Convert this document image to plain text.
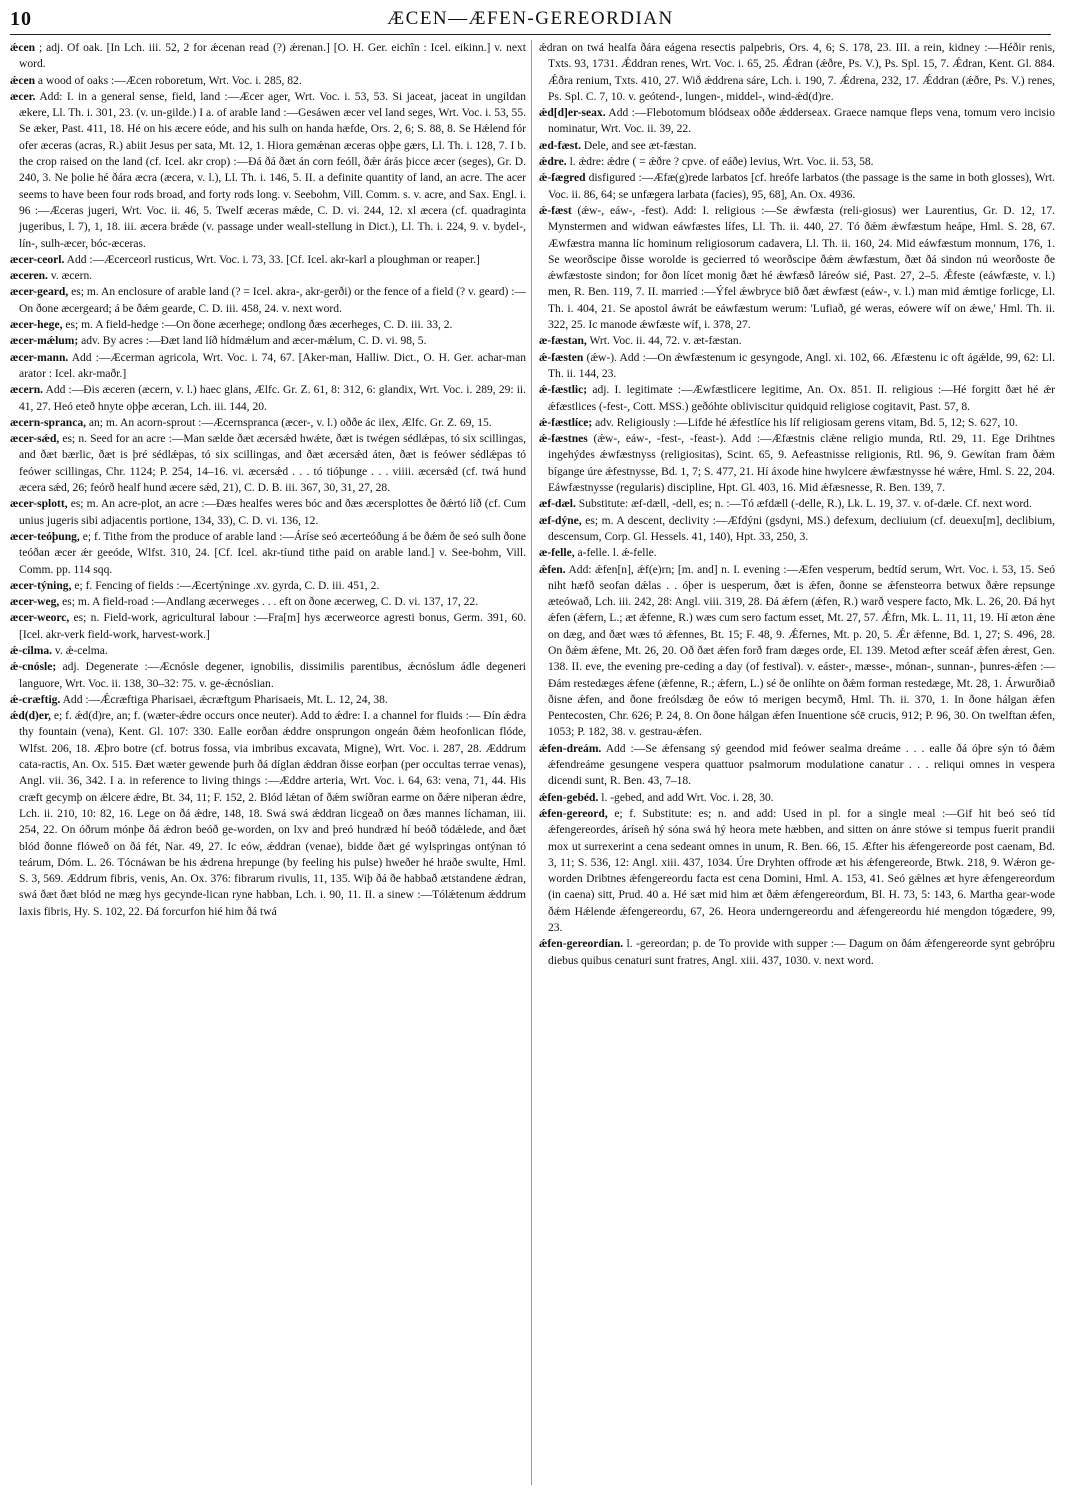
10	ÆCEN—ÆFEN-GEREORDIAN

ǽcen ; adj. Of oak. [In Lch. iii. 52, 2 for ǽcenan read (?) ǽrenan.] [O. H. Ger. eichîn : Icel. eikinn.] v. next word.

ǽcen a wood of oaks :—Æcen roboretum, Wrt. Voc. i. 285, 82.

æcer. Add: I. in a general sense, field, land :—Æcer ager, Wrt. Voc. i. 53, 53. Si jaceat, jaceat in ungildan ækere, Ll. Th. i. 301, 23. (v. un-gilde.) I a. of arable land :—Gesáwen æcer vel land seges, Wrt. Voc. i. 53, 55. Se æker, Past. 411, 18. Hé on his æcere eóde, and his sulh on handa hæfde, Ors. 2, 6; S. 88, 8. Se Hǽlend fór ofer æceras (acras, R.) abiit Jesus per sata, Mt. 12, 1. Hiora gemǽnan æceras oþþe gærs, Ll. Th. i. 128, 7. I b. the crop raised on the land (cf. Icel. akr crop) :—Ðá ðá ðæt án corn feóll, ðǽr árás þicce æcer (seges), Gr. D. 240, 3. Ne þolie hé ðára æcra (æcera, v. l.), Ll. Th. i. 146, 5. II. a definite quantity of land, an acre. The acer seems to have been four rods broad, and forty rods long. v. Seebohm, Vill. Comm. s. v. acre, and Sax. Engl. i. 96 :—Æceras jugeri, Wrt. Voc. ii. 46, 5. Twelf æceras mǽde, C. D. vi. 244, 12. xl æcera (cf. quadraginta jugeribus, l. 7), 1, 18. iii. æcera brǽde (v. passage under weall-stellung in Dict.), Ll. Th. i. 224, 9. v. bydel-, lín-, sulh-æcer, bóc-æceras.

æcer-ceorl. Add :—Æcerceorl rusticus, Wrt. Voc. i. 73, 33. [Cf. Icel. akr-karl a ploughman or reaper.]

æceren. v. æcern.

æcer-geard, es; m. An enclosure of arable land (? = Icel. akra-, akr-gerði) or the fence of a field (? v. geard) :—On ðone æcergeard; á be ðǽm gearde, C. D. iii. 458, 24. v. next word.

æcer-hege, es; m. A field-hedge :—On ðone æcerhege; ondlong ðæs æcerheges, C. D. iii. 33, 2.

æcer-mǽlum; adv. By acres :—Ðæt land líð hídmǽlum and æcer-mǽlum, C. D. vi. 98, 5.

æcer-mann. Add :—Æcerman agricola, Wrt. Voc. i. 74, 67. [Aker-man, Halliw. Dict., O. H. Ger. achar-man arator : Icel. akr-maðr.]

æcern. Add :—Ðis æceren (æcern, v. l.) haec glans, Ælfc. Gr. Z. 61, 8: 312, 6: glandix, Wrt. Voc. i. 289, 29: ii. 41, 27. Heó eteð hnyte oþþe æceran, Lch. iii. 144, 20.

æcern-spranca, an; m. An acorn-sprout :—Æcernspranca (æcer-, v. l.) oððe ác ilex, Ælfc. Gr. Z. 69, 15.

æcer-sǽd, es; n. Seed for an acre :—Man sælde ðæt æcersǽd hwǽte, ðæt is twégen sédlǽpas, tó six scillingas, and ðæt bærlic, ðæt is þré sédlǽpas, tó six scillingas, and ðæt æcersǽd áten, ðæt is feówer sédlǽpas tó feówer scillingas, Chr. 1124; P. 254, 14–16. vi. æcersǽd . . . tó tióþunge . . . viiii. æcersǽd (cf. twá hund æcera sǽd, 26; feórð healf hund æcere sǽd, 21), C. D. B. iii. 367, 30, 31, 27, 28.

æcer-splott, es; m. An acre-plot, an acre :—Ðæs healfes weres bóc and ðæs æcersplottes ðe ðǽrtó líð (cf. Cum unius jugeris sibi adjacentis portione, 134, 33), C. D. vi. 136, 12.

æcer-teóþung, e; f. Tithe from the produce of arable land :—Áríse seó æcerteóðung á be ðǽm ðe seó sulh ðone teóðan æcer ǽr geeóde, Wlfst. 310, 24. [Cf. Icel. akr-tíund tithe paid on arable land.] v. See-bohm, Vill. Comm. pp. 114 sqq.

æcer-týning, e; f. Fencing of fields :—Æcertýninge .xv. gyrda, C. D. iii. 451, 2.

æcer-weg, es; m. A field-road :—Andlang æcerweges . . . eft on ðone æcerweg, C. D. vi. 137, 17, 22.

æcer-weorc, es; n. Field-work, agricultural labour :—Fra[m] hys æcerweorce agresti bonus, Germ. 391, 60. [Icel. akr-verk field-work, harvest-work.]

ǽ-cilma. v. ǽ-celma.

ǽ-cnósle; adj. Degenerate :—Æcnósle degener, ignobilis, dissimilis parentibus, ǽcnóslum ádle degeneri languore, Wrt. Voc. ii. 138, 30–32: 75. v. ge-ǽcnóslian.

ǽ-cræftig. Add :—Ǽcræftiga Pharisaei, ǽcræftgum Pharisaeis, Mt. L. 12, 24, 38.

ǽd(d)er, e; f. ǽd(d)re, an; f. (wæter-ǽdre occurs once neuter). Add to ǽdre: I. a channel for fluids :— Ðín ǽdra thy fountain (vena), Kent. Gl. 107: 330. Ealle eorðan ǽddre onsprungon ongeán ðǽm heofonlican flóde, Wlfst. 206, 18. Æþro botre (cf. botrus fossa, via imbribus excavata, Migne), Wrt. Voc. i. 287, 28. Æddrum cata-ractis, An. Ox. 515. Ðæt wæter gewende þurh ðá díglan ǽddran ðisse eorþan (per occultas terrae venas), Angl. vii. 36, 342. I a. in reference to living things :—Æddre arteria, Wrt. Voc. i. 64, 63: vena, 71, 44. His cræft gecymþ on ǽlcere ǽdre, Bt. 34, 11; F. 152, 2. Blód lǽtan of ðǽm swíðran earme on ðǽre niþeran ǽdre, Lch. ii. 210, 10: 82, 16. Lege on ðá ǽdre, 148, 18. Swá swá ǽddran licgeað on ðæs mannes líchaman, iii. 254, 22. On óðrum mónþe ðá ǽdron beóð ge-worden, on lxv and þreó hundræd hí beóð tódǽlede, and ðæt blód ðonne flóweð on ðá fét, Nar. 49, 27. Ic eów, ǽddran (venae), bidde ðæt gé wylspringas ontýnan tó teárum, Dóm. L. 26. Tócnáwan be his ǽdrena hrepunge (by feeling his pulse) hweðer hé hraðe swulte, Hml. S. 3, 569. Æddrum fibris, venis, An. Ox. 376: fibrarum rivulis, 11, 135. Wiþ ðá ðe habbað ætstandene ǽdran, swá ðæt ðæt blód ne mæg hys gecynde-lican ryne habban, Lch. i. 90, 11. II. a sinew :—Tólǽtenum ǽddrum laxis fibris, Hy. S. 102, 22. Ðá forcurfon hié him ðá twá

ǽdran on twá healfa ðára eágena resectis palpebris, Ors. 4, 6; S. 178, 23. III. a rein, kidney :—Héðir renis, Txts. 93, 1731. Ǽddran renes, Wrt. Voc. i. 65, 25. Ǽdran (ǽðre, Ps. V.), Ps. Spl. 15, 7. Ǽdran, Kent. Gl. 884. Ǽðra renium, Txts. 410, 27. Wið ǽddrena sáre, Lch. i. 190, 7. Ǽdrena, 232, 17. Ǽddran (ǽðre, Ps. V.) renes, Ps. Spl. C. 7, 10. v. geótend-, lungen-, middel-, wind-ǽd(d)re.

ǽd[d]er-seax. Add :—Flebotomum blódseax oððe ǽdderseax. Graece namque fleps vena, tomum vero incisio nominatur, Wrt. Voc. ii. 39, 22.

æd-fæst. Dele, and see æt-fæstan.

ǽdre. l. ǽdre: ǽdre ( = ǽðre ? cpve. of eáðe) levius, Wrt. Voc. ii. 53, 58.

ǽ-fægred disfigured :—Æfæ(g)rede larbatos [cf. hreófe larbatos (the passage is the same in both glosses), Wrt. Voc. ii. 86, 64; se unfægera larbata (facies), 95, 68], An. Ox. 4936.

ǽ-fæst (ǽw-, eáw-, -fest). Add: I. religious :—Se ǽwfæsta (reli-giosus) wer Laurentius, Gr. D. 12, 17. Mynstermen and widwan eáwfæstes lífes, Ll. Th. ii. 440, 27. Tó ðǽm ǽwfæstum heápe, Hml. S. 28, 67. Æwfæstra manna líc hominum religiosorum cadavera, Ll. Th. ii. 160, 24. Mid eáwfæstum monnum, 176, 1. Se weorðscipe ðisse worolde is gecierred tó weorðscipe ðǽm ǽwfæstum, ðæt ðá sindon nú weorðoste ðe ǽwfæstoste sindon; for ðon lícet monig ðæt hé ǽwfæsð láreów sié, Past. 27, 2–5. Ǽfeste (eáwfæste, v. l.) men, R. Ben. 119, 7. II. married :—Ýfel ǽwbryce bið ðæt ǽwfæst (eáw-, v. l.) man mid ǽmtige forlicge, Ll. Th. i. 404, 21. Se apostol áwrát be eáwfæstum werum: 'Lufiað, gé weras, eówere wíf on ǽwe,' Hml. Th. ii. 322, 25. Ic manode ǽwfæste wíf, i. 378, 27.

æ-fæstan, Wrt. Voc. ii. 44, 72. v. æt-fæstan.

ǽ-fæsten (ǽw-). Add :—On ǽwfæstenum ic gesyngode, Angl. xi. 102, 66. Æfæstenu ic oft ágǽlde, 99, 62: Ll. Th. ii. 144, 23.

ǽ-fæstlic; adj. I. legitimate :—Æwfæstlicere legitime, An. Ox. 851. II. religious :—Hé forgitt ðæt hé ǽr ǽfæstlices (-fest-, Cott. MSS.) geðóhte obliviscitur quidquid religiose cogitavit, Past. 57, 8.

ǽ-fæstlíce; adv. Religiously :—Lifde hé ǽfestlíce his líf religiosam gerens vitam, Bd. 5, 12; S. 627, 10.

ǽ-fæstnes (ǽw-, eáw-, -fest-, -feast-). Add :—Æfæstnis clǽne religio munda, Rtl. 29, 11. Ege Drihtnes ingehýdes ǽwfæstnyss (religiositas), Scint. 65, 9. Aefeastnisse religionis, Rtl. 96, 9. Gewítan fram ðǽm bígange úre ǽfestnysse, Bd. 1, 7; S. 477, 21. Hí áxode hine hwylcere ǽwfæstnysse hé wǽre, Hml. S. 22, 204. Eáwfæstnysse (regularis) discipline, Hpt. Gl. 403, 16. Mid ǽfæsnesse, R. Ben. 139, 7.

æf-dæl. Substitute: æf-dæll, -dell, es; n. :—Tó æfdæll (-delle, R.), Lk. L. 19, 37. v. of-dæle. Cf. next word.

æf-dýne, es; m. A descent, declivity :—Æfdýni (gsdyni, MS.) defexum, decliuium (cf. deuexu[m], declibium, descensum, Corp. Gl. Hessels. 41, 140), Hpt. 33, 250, 3.

æ-felle, a-felle. l. ǽ-felle.

ǽfen. Add: ǽfen[n], ǽf(e)rn; [m. and] n. I. evening :—Æfen vesperum, bedtíd serum, Wrt. Voc. i. 53, 15. Seó niht hæfð seofan dǽlas . . óþer is uesperum, ðæt is ǽfen, ðonne se ǽfensteorra betwux ðǽre repsunge æteówað, Lch. iii. 242, 28: Angl. viii. 319, 28. Ðá ǽfern (ǽfen, R.) warð vespere facto, Mk. L. 26, 20. Ðá hyt ǽfen (ǽfern, L.; æt ǽfenne, R.) wæs cum sero factum esset, Mt. 27, 57. Ǽfrn, Mk. L. 11, 11, 19. Hí æton ǽne on dæg, and ðæt wæs tó ǽfennes, Bt. 15; F. 48, 9. Ǽfernes, Mt. p. 20, 5. Ǽr ǽfenne, Bd. 1, 27; S. 496, 28. On ðǽm ǽfene, Mt. 26, 20. Oð ðæt ǽfen forð fram dæges orde, El. 139. Metod æfter sceáf ǽfen ǽrest, Gen. 138. II. eve, the evening pre-ceding a day (of festival). v. eáster-, mæsse-, mónan-, sunnan-, þunres-ǽfen :—Ðám restedæges ǽfene (ǽfenne, R.; ǽfern, L.) sé ðe onlíhte on ðǽm forman restedæge, Mt. 28, 1. Árwurðiað ðisne ǽfen, and ðone freólsdæg ðe eów tó merigen becymð, Hml. Th. ii. 370, 1. In ðone hálgan ǽfen Pentecosten, Chr. 626; P. 24, 8. On ðone hálgan ǽfen Inuentione sćē crucis, 912; P. 96, 30. On twelftan ǽfen, 1053; P. 182, 38. v. gestrau-ǽfen.

ǽfen-dreám. Add :—Se ǽfensang sý geendod mid feówer sealma dreáme . . . ealle ðá óþre sýn tó ðǽm ǽfendreáme gesungene vespera quattuor psalmorum modulatione canatur . . . reliqui omnes in vespera dicendi sunt, R. Ben. 43, 7–18.

ǽfen-gebéd. l. -gebed, and add Wrt. Voc. i. 28, 30.

ǽfen-gereord, e; f. Substitute: es; n. and add: Used in pl. for a single meal :—Gif hit beó seó tíd ǽfengereordes, áríseñ hý sóna swá hý heora mete hæbben, and sitten on ánre stówe si tempus fuerit prandii mox ut surrexerint a cena sedeant omnes in unum, R. Ben. 66, 15. Æfter his ǽfengereorde post caenam, Bd. 3, 11; S. 536, 12: Angl. xiii. 437, 1034. Úre Dryhten offrode æt his ǽfengereorde, Btwk. 218, 9. Wǽron ge-worden Dribtnes ǽfengereordu facta est cena Domini, Hml. A. 153, 41. Seó gǽlnes æt hyre ǽfengereordum (in caena) sitt, Prud. 40 a. Hé sæt mid him æt ðǽm ǽfengereordum, Bl. H. 73, 5: 143, 6. Martha gear-wode ðǽm Hǽlende ǽfengereordu, 67, 26. Heora underngereordu and ǽfengereordu hié mengdon tógædere, 99, 23.

ǽfen-gereordian. l. -gereordan; p. de To provide with supper :— Dagum on ðám ǽfengereorde synt gebróþru diebus quibus cenaturi sunt fratres, Angl. xiii. 437, 1030. v. next word.
